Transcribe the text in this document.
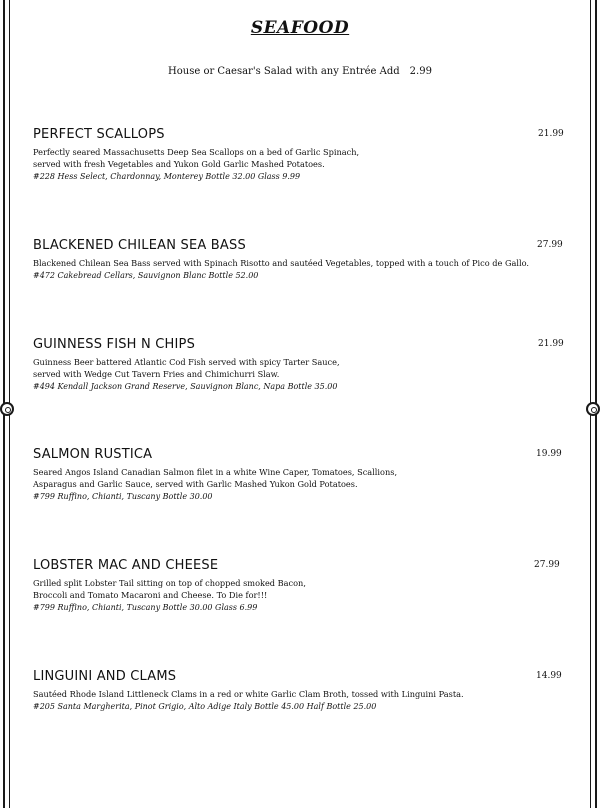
SEAFOOD
House or Caesar's Salad with any Entrée Add 2.99
PERFECT SCALLOPS	21.99
Perfectly seared Massachusetts Deep Sea Scallops on a bed of Garlic Spinach,
served with fresh Vegetables and Yukon Gold Garlic Mashed Potatoes.
#228 Hess Select, Chardonnay, Monterey Bottle 32.00 Glass 9.99
BLACKENED CHILEAN SEA BASS	27.99
Blackened Chilean Sea Bass served with Spinach Risotto and sautéed Vegetables, topped with a touch of Pico de Gallo.
#472 Cakebread Cellars, Sauvignon Blanc Bottle 52.00
GUINNESS FISH N CHIPS	21.99
Guinness Beer battered Atlantic Cod Fish served with spicy Tarter Sauce,
served with Wedge Cut Tavern Fries and Chimichurri Slaw.
#494 Kendall Jackson Grand Reserve, Sauvignon Blanc, Napa Bottle 35.00
SALMON RUSTICA	19.99
Seared Angos Island Canadian Salmon filet in a white Wine Caper, Tomatoes, Scallions,
Asparagus and Garlic Sauce, served with Garlic Mashed Yukon Gold Potatoes.
#799 Ruffino, Chianti, Tuscany Bottle 30.00
LOBSTER MAC AND CHEESE	27.99
Grilled split Lobster Tail sitting on top of chopped smoked Bacon,
Broccoli and Tomato Macaroni and Cheese. To Die for!!!
#799 Ruffino, Chianti, Tuscany Bottle 30.00 Glass 6.99
LINGUINI AND CLAMS	14.99
Sautéed Rhode Island Littleneck Clams in a red or white Garlic Clam Broth, tossed with Linguini Pasta.
#205 Santa Margherita, Pinot Grigio, Alto Adige Italy Bottle 45.00 Half Bottle 25.00
